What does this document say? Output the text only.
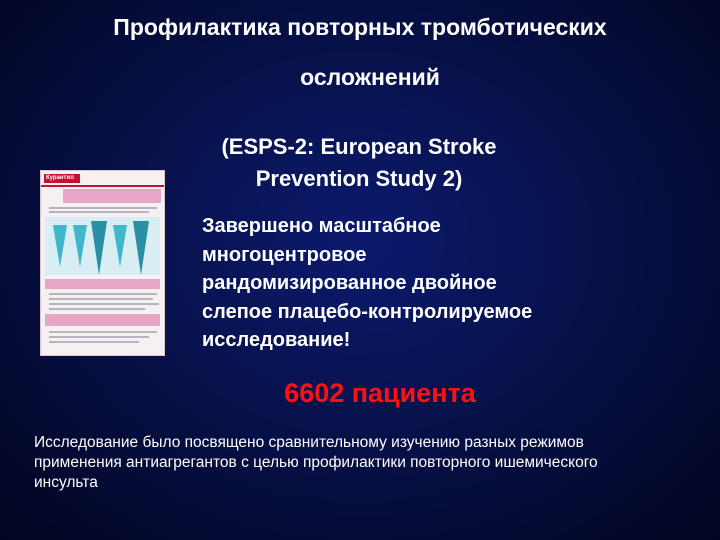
Профилактика повторных тромботических
осложнений
(ESPS-2: European Stroke
Prevention Study 2)
Курантил
Завершено масштабное
многоцентровое
рандомизированное двойное
слепое плацебо-контролируемое
исследование!
6602 пациента
Исследование было посвящено сравнительному изучению разных режимов
применения антиагрегантов с целью профилактики повторного ишемического
инсульта
